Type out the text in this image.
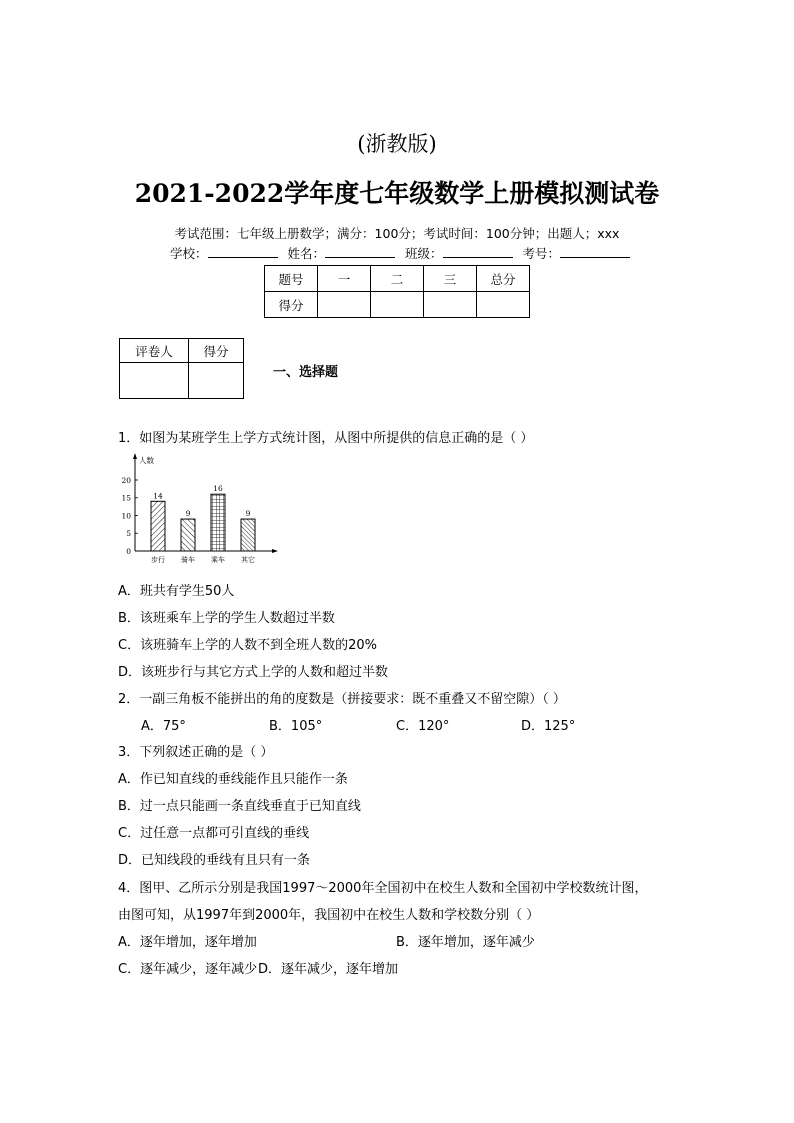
(浙教版)
2021-2022学年度七年级数学上册模拟测试卷
考试范围：七年级上册数学；满分：100分；考试时间：100分钟；出题人；xxx
学校：	姓名：	班级：	考号：
题号	一	二	三	总分
得分				
评卷人	得分

一、选择题
1．如图为某班学生上学方式统计图，从图中所提供的信息正确的是（ ）
人数
0
5
10
15
20
14
步行
9
骑车
16
乘车
9
其它
A．班共有学生50人
B．该班乘车上学的学生人数超过半数
C．该班骑车上学的人数不到全班人数的20%
D．该班步行与其它方式上学的人数和超过半数
2．一副三角板不能拼出的角的度数是（拼接要求：既不重叠又不留空隙）（ ）
A．75°	B．105°	C．120°	D．125°
3．下列叙述正确的是（ ）
A．作已知直线的垂线能作且只能作一条
B．过一点只能画一条直线垂直于已知直线
C．过任意一点都可引直线的垂线
D．已知线段的垂线有且只有一条
4．图甲、乙所示分别是我国1997～2000年全国初中在校生人数和全国初中学校数统计图，
由图可知，从1997年到2000年，我国初中在校生人数和学校数分别（ ）
A．逐年增加，逐年增加	B．逐年增加，逐年减少
C．逐年减少，逐年减少 D．逐年减少，逐年增加
